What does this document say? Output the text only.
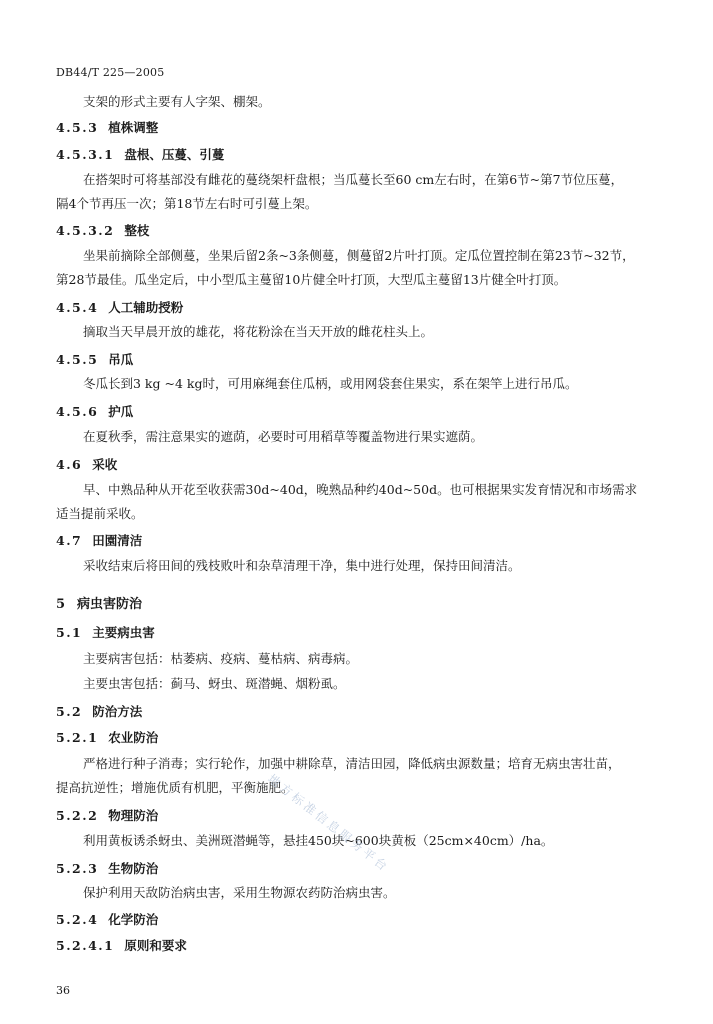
DB44/T 225—2005
支架的形式主要有人字架、棚架。
4.5.3 植株调整
4.5.3.1 盘根、压蔓、引蔓
在搭架时可将基部没有雌花的蔓绕架杆盘根；当瓜蔓长至60 cm左右时，在第6节~第7节位压蔓，
隔4个节再压一次；第18节左右时可引蔓上架。
4.5.3.2 整枝
坐果前摘除全部侧蔓，坐果后留2条~3条侧蔓，侧蔓留2片叶打顶。定瓜位置控制在第23节~32节，
第28节最佳。瓜坐定后，中小型瓜主蔓留10片健全叶打顶，大型瓜主蔓留13片健全叶打顶。
4.5.4 人工辅助授粉
摘取当天早晨开放的雄花，将花粉涂在当天开放的雌花柱头上。
4.5.5 吊瓜
冬瓜长到3 kg ~4 kg时，可用麻绳套住瓜柄，或用网袋套住果实，系在架竿上进行吊瓜。
4.5.6 护瓜
在夏秋季，需注意果实的遮荫，必要时可用稻草等覆盖物进行果实遮荫。
4.6 采收
早、中熟品种从开花至收获需30d~40d，晚熟品种约40d~50d。也可根据果实发育情况和市场需求
适当提前采收。
4.7 田園清洁
采收结束后将田间的残枝败叶和杂草清理干净，集中进行处理，保持田间清洁。
5 病虫害防治
5.1 主要病虫害
主要病害包括：枯萎病、疫病、蔓枯病、病毒病。
主要虫害包括：蓟马、蚜虫、斑潜蝇、烟粉虱。
5.2 防治方法
5.2.1 农业防治
严格进行种子消毒；实行轮作，加强中耕除草，清洁田园，降低病虫源数量；培育无病虫害壮苗，
提高抗逆性；增施优质有机肥，平衡施肥。
5.2.2 物理防治
利用黄板诱杀蚜虫、美洲斑潜蝇等，悬挂450块~600块黄板（25cm×40cm）/ha。
5.2.3 生物防治
保护利用天敌防治病虫害，采用生物源农药防治病虫害。
5.2.4 化学防治
5.2.4.1 原则和要求
地方标准信息服务平台
36
